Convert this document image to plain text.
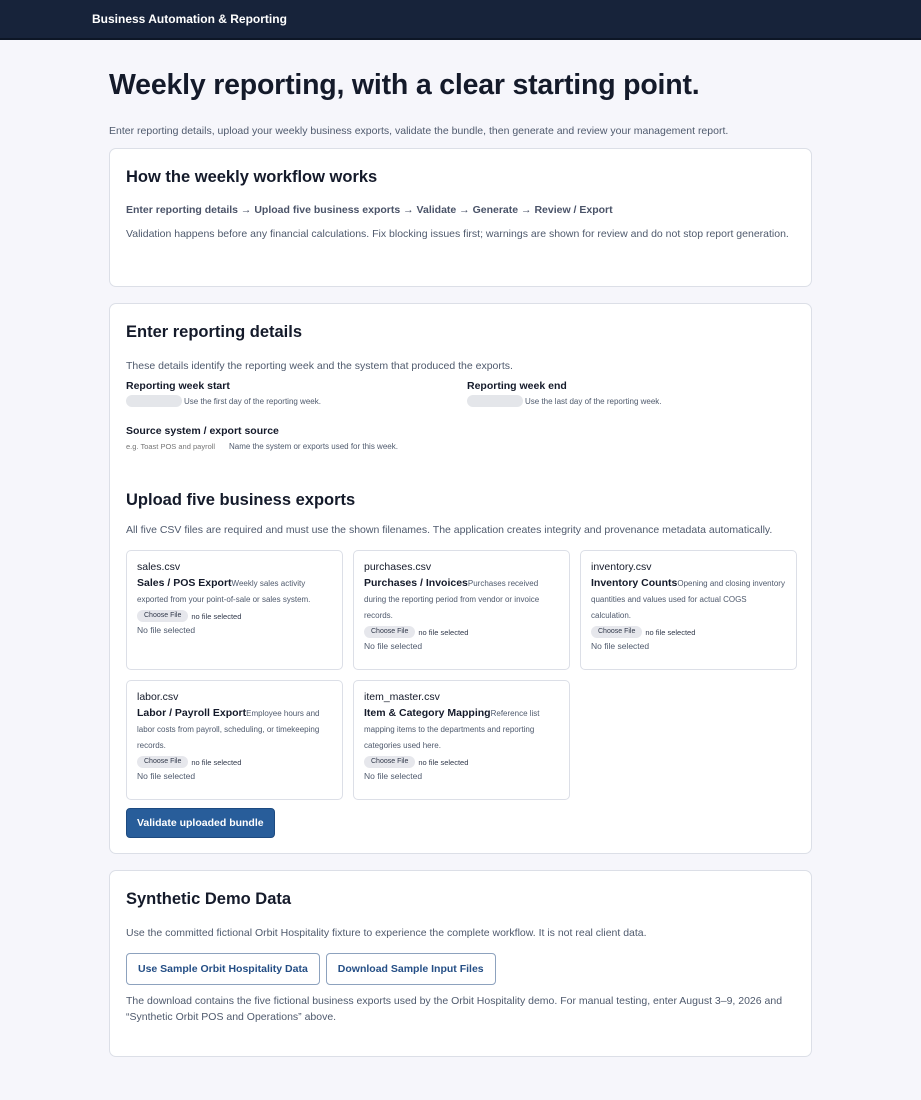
Business Automation & Reporting
Weekly reporting, with a clear starting point.

Enter reporting details, upload your weekly business exports, validate the bundle, then generate and review your management report.

How the weekly workflow works

Enter reporting details → Upload five business exports → Validate → Generate → Review / Export

Validation happens before any financial calculations. Fix blocking issues first; warnings are shown for review and do not stop report generation.

Enter reporting details

These details identify the reporting week and the system that produced the exports.

Reporting week start
Use the first day of the reporting week.
Reporting week end
Use the last day of the reporting week.
Source system / export source
e.g. Toast POS and payroll
Name the system or exports used for this week.
Upload five business exports

All five CSV files are required and must use the shown filenames. The application creates integrity and provenance metadata automatically.

sales.csv
Sales / POS ExportWeekly sales activity exported from your point-of-sale or sales system.
Choose File	no file selected
No file selected
purchases.csv
Purchases / InvoicesPurchases received during the reporting period from vendor or invoice records.
Choose File	no file selected
No file selected
inventory.csv
Inventory CountsOpening and closing inventory quantities and values used for actual COGS calculation.
Choose File	no file selected
No file selected
labor.csv
Labor / Payroll ExportEmployee hours and labor costs from payroll, scheduling, or timekeeping records.
Choose File	no file selected
No file selected
item_master.csv
Item & Category MappingReference list mapping items to the departments and reporting categories used here.
Choose File	no file selected
No file selected
Validate uploaded bundle
Synthetic Demo Data

Use the committed fictional Orbit Hospitality fixture to experience the complete workflow. It is not real client data.

Use Sample Orbit Hospitality Data	Download Sample Input Files

The download contains the five fictional business exports used by the Orbit Hospitality demo. For manual testing, enter August 3–9, 2026 and “Synthetic Orbit POS and Operations” above.
